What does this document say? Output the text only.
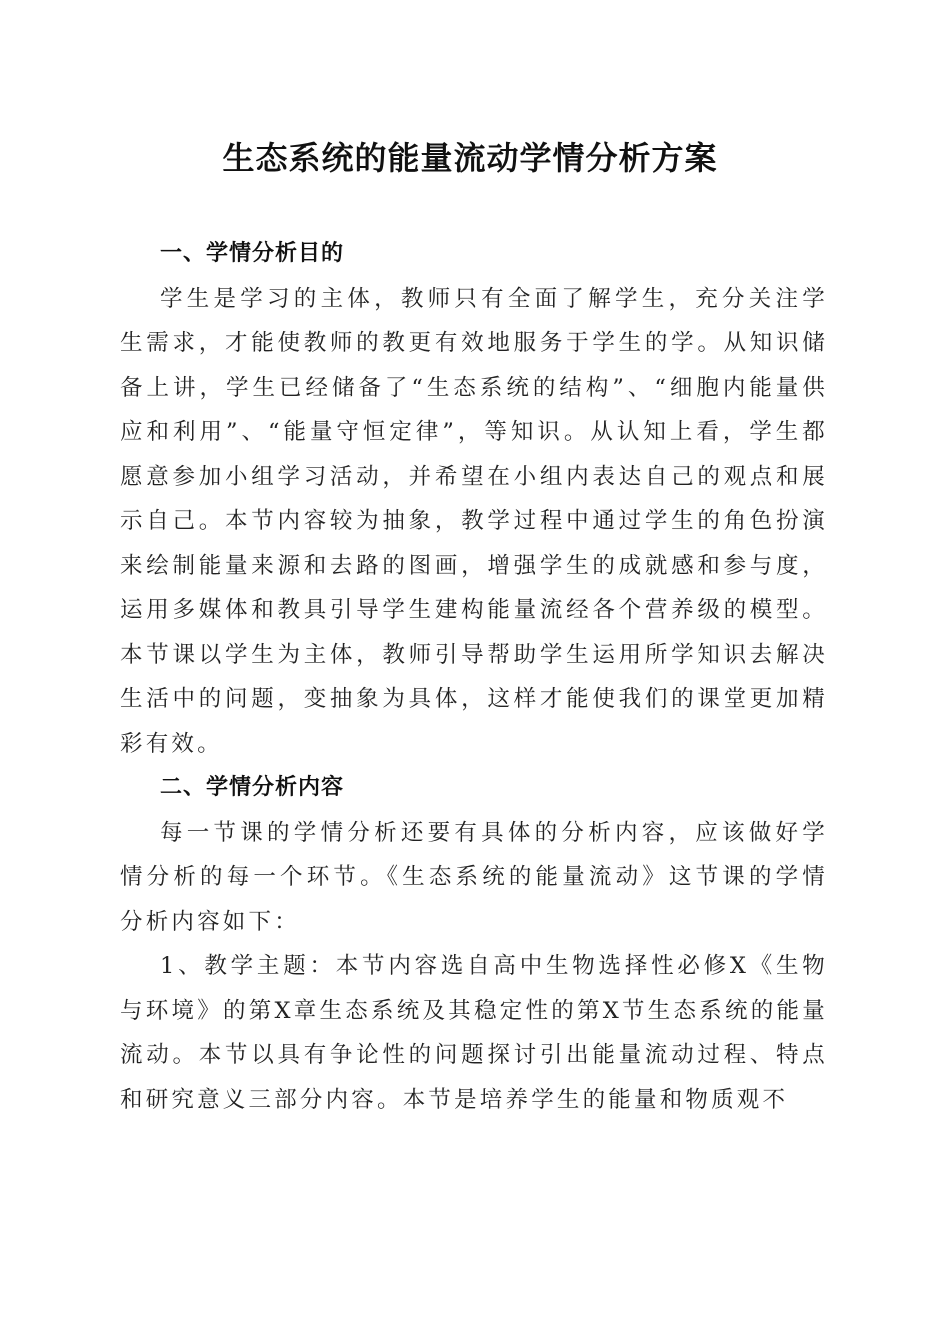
生态系统的能量流动学情分析方案

一、学情分析目的

学生是学习的主体，教师只有全面了解学生，充分关注学生需求，才能使教师的教更有效地服务于学生的学。从知识储备上讲，学生已经储备了“生态系统的结构”、“细胞内能量供应和利用”、“能量守恒定律”，等知识。从认知上看，学生都愿意参加小组学习活动，并希望在小组内表达自己的观点和展示自己。本节内容较为抽象，教学过程中通过学生的角色扮演来绘制能量来源和去路的图画，增强学生的成就感和参与度，运用多媒体和教具引导学生建构能量流经各个营养级的模型。本节课以学生为主体，教师引导帮助学生运用所学知识去解决生活中的问题，变抽象为具体，这样才能使我们的课堂更加精彩有效。

二、学情分析内容

每一节课的学情分析还要有具体的分析内容，应该做好学情分析的每一个环节。《生态系统的能量流动》这节课的学情分析内容如下：

1、教学主题：本节内容选自高中生物选择性必修X《生物与环境》的第X章生态系统及其稳定性的第X节生态系统的能量流动。本节以具有争论性的问题探讨引出能量流动过程、特点和研究意义三部分内容。本节是培养学生的能量和物质观不
